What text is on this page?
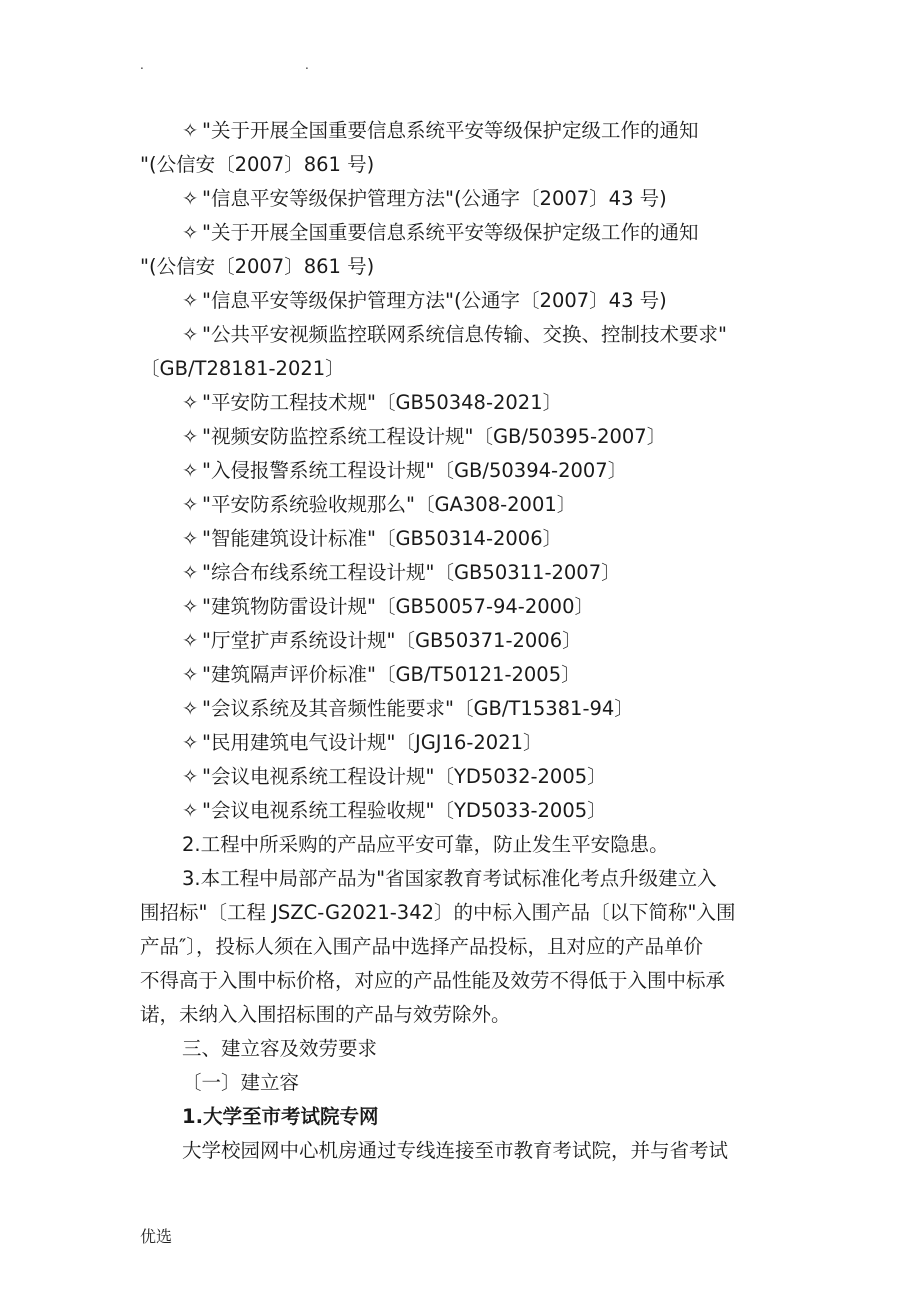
.	.
✧ "关于开展全国重要信息系统平安等级保护定级工作的通知
"(公信安〔2007〕861 号)
✧ "信息平安等级保护管理方法"(公通字〔2007〕43 号)
✧ "关于开展全国重要信息系统平安等级保护定级工作的通知
"(公信安〔2007〕861 号)
✧ "信息平安等级保护管理方法"(公通字〔2007〕43 号)
✧ "公共平安视频监控联网系统信息传输、交换、控制技术要求"
〔GB/T28181-2021〕
✧ "平安防工程技术规"〔GB50348-2021〕
✧ "视频安防监控系统工程设计规"〔GB/50395-2007〕
✧ "入侵报警系统工程设计规"〔GB/50394-2007〕
✧ "平安防系统验收规那么"〔GA308-2001〕
✧ "智能建筑设计标准"〔GB50314-2006〕
✧ "综合布线系统工程设计规"〔GB50311-2007〕
✧ "建筑物防雷设计规"〔GB50057-94-2000〕
✧ "厅堂扩声系统设计规"〔GB50371-2006〕
✧ "建筑隔声评价标准"〔GB/T50121-2005〕
✧ "会议系统及其音频性能要求"〔GB/T15381-94〕
✧ "民用建筑电气设计规"〔JGJ16-2021〕
✧ "会议电视系统工程设计规"〔YD5032-2005〕
✧ "会议电视系统工程验收规"〔YD5033-2005〕
2.工程中所采购的产品应平安可靠，防止发生平安隐患。
3.本工程中局部产品为"省国家教育考试标准化考点升级建立入
围招标"〔工程 JSZC-G2021-342〕的中标入围产品〔以下简称"入围
产品″〕，投标人须在入围产品中选择产品投标，且对应的产品单价
不得高于入围中标价格，对应的产品性能及效劳不得低于入围中标承
诺，未纳入入围招标围的产品与效劳除外。
三、建立容及效劳要求
〔一〕建立容
1.大学至市考试院专网
大学校园网中心机房通过专线连接至市教育考试院，并与省考试
优选
